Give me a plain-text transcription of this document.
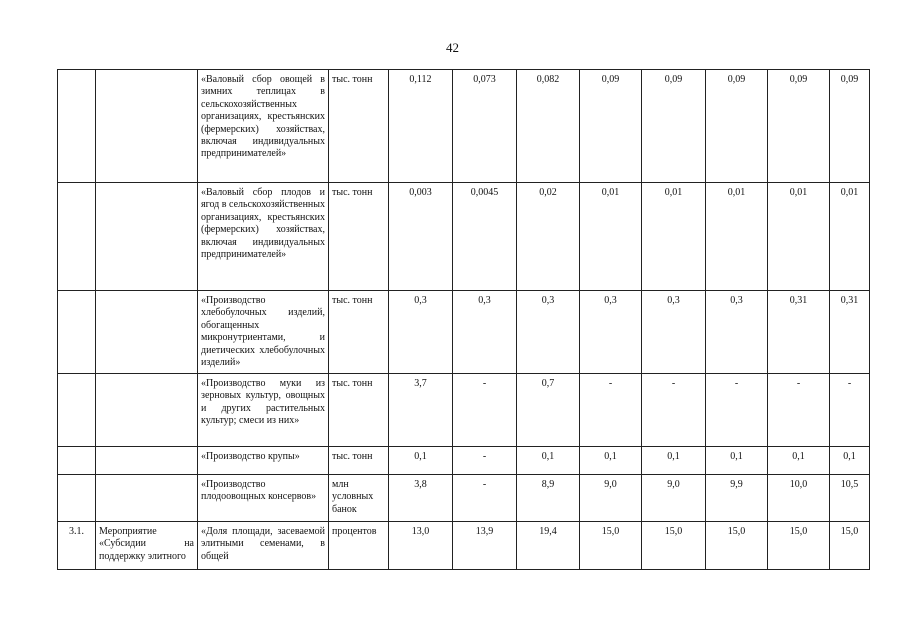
42
		«Валовый сбор овощей в зимних теплицах в сельскохозяйственных организациях, крестьянских (фермерских) хозяйствах, включая индивидуальных предпринимателей»	тыс. тонн	0,112	0,073	0,082	0,09	0,09	0,09	0,09	0,09
		«Валовый сбор плодов и ягод в сельскохозяйственных организациях, крестьянских (фермерских) хозяйствах, включая индивидуальных предпринимателей»	тыс. тонн	0,003	0,0045	0,02	0,01	0,01	0,01	0,01	0,01
		«Производство хлебобулочных изделий, обогащенных микронутриентами, и диетических хлебобулочных изделий»	тыс. тонн	0,3	0,3	0,3	0,3	0,3	0,3	0,31	0,31
		«Производство муки из зерновых культур, овощных и других растительных культур; смеси из них»	тыс. тонн	3,7	-	0,7	-	-	-	-	-
		«Производство крупы»	тыс. тонн	0,1	-	0,1	0,1	0,1	0,1	0,1	0,1
		«Производство плодоовощных консервов»	млн условных банок	3,8	-	8,9	9,0	9,0	9,9	10,0	10,5
3.1.	Мероприятие «Субсидии на поддержку элитного	«Доля площади, засеваемой элитными семенами, в общей	процентов	13,0	13,9	19,4	15,0	15,0	15,0	15,0	15,0
